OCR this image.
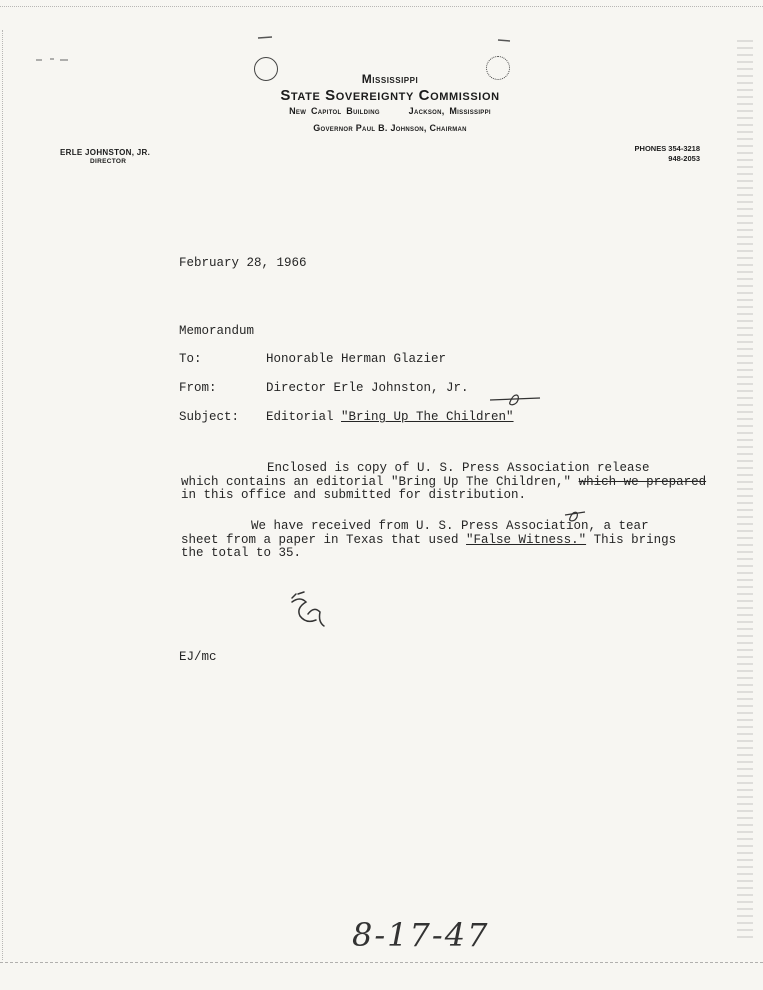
Mississippi
State Sovereignty Commission
New Capitol Building	Jackson, Mississippi
Governor Paul B. Johnson, Chairman
ERLE JOHNSTON, JR.
DIRECTOR
PHONES 354-3218
948-2053
February 28, 1966
Memorandum
To:	Honorable Herman Glazier
From:	Director Erle Johnston, Jr.
Subject: Editorial "Bring Up The Children"
Enclosed is copy of U. S. Press Association release
which contains an editorial "Bring Up The Children," which we prepared
in this office and submitted for distribution.
We have received from U. S. Press Association, a tear
sheet from a paper in Texas that used "False Witness." This brings
the total to 35.
EJ/mc
8-17-47
